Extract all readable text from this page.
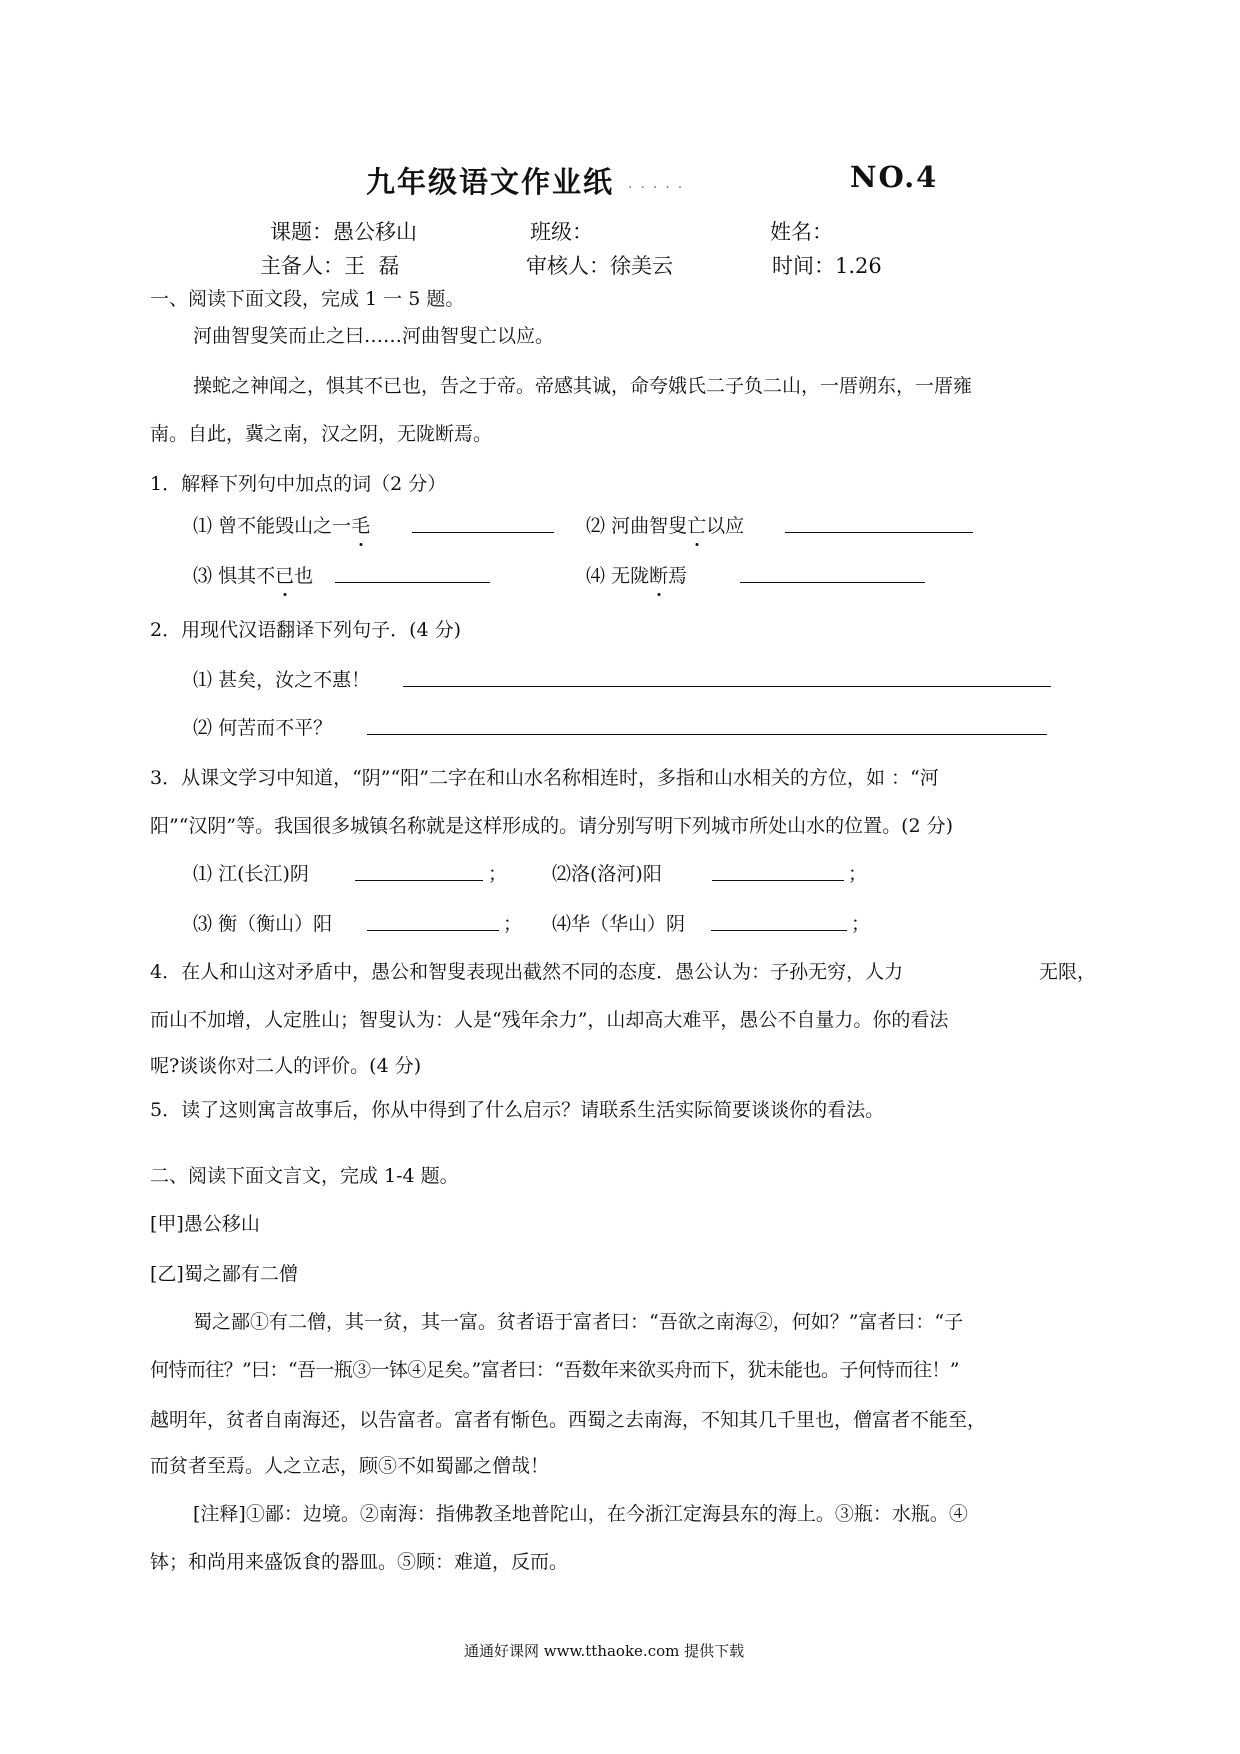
九年级语文作业纸 .....	NO.4
课题：愚公移山	班级：	姓名：
主备人：王  磊	审核人：徐美云	时间：1.26
一、阅读下面文段，完成 1 一 5 题。
河曲智叟笑而止之曰……河曲智叟亡以应。
操蛇之神闻之，惧其不已也，告之于帝。帝感其诚，命夸娥氏二子负二山，一厝朔东，一厝雍
南。自此，冀之南，汉之阴，无陇断焉。
1．解释下列句中加点的词（2 分）
⑴ 曾不能毁山之一毛	⑵ 河曲智叟亡以应
⑶ 惧其不已也	⑷ 无陇断焉
2．用现代汉语翻译下列句子．(4 分)
⑴ 甚矣，汝之不惠！
⑵ 何苦而不平？
3．从课文学习中知道，“阴”“阳”二字在和山水名称相连时，多指和山水相关的方位，如 ：“河
阳”“汉阴”等。我国很多城镇名称就是这样形成的。请分别写明下列城市所处山水的位置。(2 分)
⑴ 江(长江)阴	； ⑵洛(洛河)阳	；
⑶ 衡（衡山）阳	； ⑷华（华山）阴	；
4．在人和山这对矛盾中，愚公和智叟表现出截然不同的态度．愚公认为：子孙无穷，人力	无限，
而山不加增，人定胜山；智叟认为：人是“残年余力”，山却高大难平，愚公不自量力。你的看法
呢?谈谈你对二人的评价。(4 分)
5．读了这则寓言故事后，你从中得到了什么启示？请联系生活实际简要谈谈你的看法。
二、阅读下面文言文，完成 1-4 题。
[甲]愚公移山
[乙]蜀之鄙有二僧
蜀之鄙①有二僧，其一贫，其一富。贫者语于富者曰：“吾欲之南海②，何如？”富者曰：“子
何恃而往？”曰：“吾一瓶③一钵④足矣。”富者曰：“吾数年来欲买舟而下，犹未能也。子何恃而往！”
越明年，贫者自南海还，以告富者。富者有惭色。西蜀之去南海，不知其几千里也，僧富者不能至，
而贫者至焉。人之立志，顾⑤不如蜀鄙之僧哉！
[注释]①鄙：边境。②南海：指佛教圣地普陀山，在今浙江定海县东的海上。③瓶：水瓶。④
钵；和尚用来盛饭食的器皿。⑤顾：难道，反而。
通通好课网 www.tthaoke.com 提供下载
